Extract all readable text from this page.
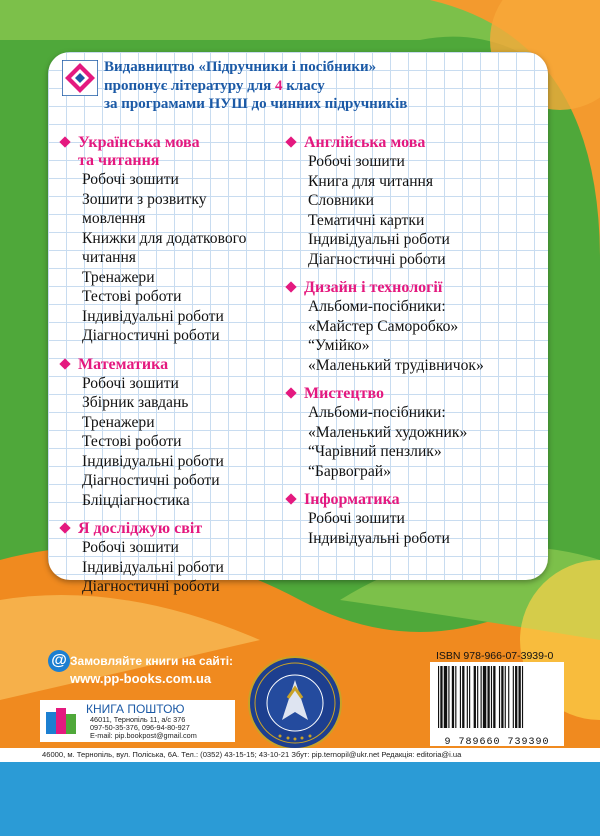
Видавництво «Підручники і посібники»
пропонує літературу для 4 класу
за програмами НУШ до чинних підручників
Українська мова
та читання
Робочі зошити
Зошити з розвитку
мовлення
Книжки для додаткового
читання
Тренажери
Тестові роботи
Індивідуальні роботи
Діагностичні роботи
Математика
Робочі зошити
Збірник завдань
Тренажери
Тестові роботи
Індивідуальні роботи
Діагностичні роботи
Бліцдіагностика
Я досліджую світ
Робочі зошити
Індивідуальні роботи
Діагностичні роботи
Англійська мова
Робочі зошити
Книга для читання
Словники
Тематичні картки
Індивідуальні роботи
Діагностичні роботи
Дизайн і технології
Альбоми-посібники:
«Майстер Саморобко»
“Умійко»
«Маленький трудівничок»
Мистецтво
Альбоми-посібники:
«Маленький художник»
“Чарівний пензлик»
“Барвограй»
Інформатика
Робочі зошити
Індивідуальні роботи
@ Замовляйте книги на сайті:
www.pp-books.com.ua
КНИГА ПОШТОЮ
46011, Тернопіль 11, а/с 376
097-50-35-376, 096-94-80-927
E-mail: pip.bookpost@gmail.com
ISBN 978-966-07-3939-0
9 789660 739390
46000, м. Тернопіль, вул. Поліська, 6А. Тел.: (0352) 43-15-15; 43-10-21 Збут: pip.ternopil@ukr.net Редакція: editoria@i.ua
